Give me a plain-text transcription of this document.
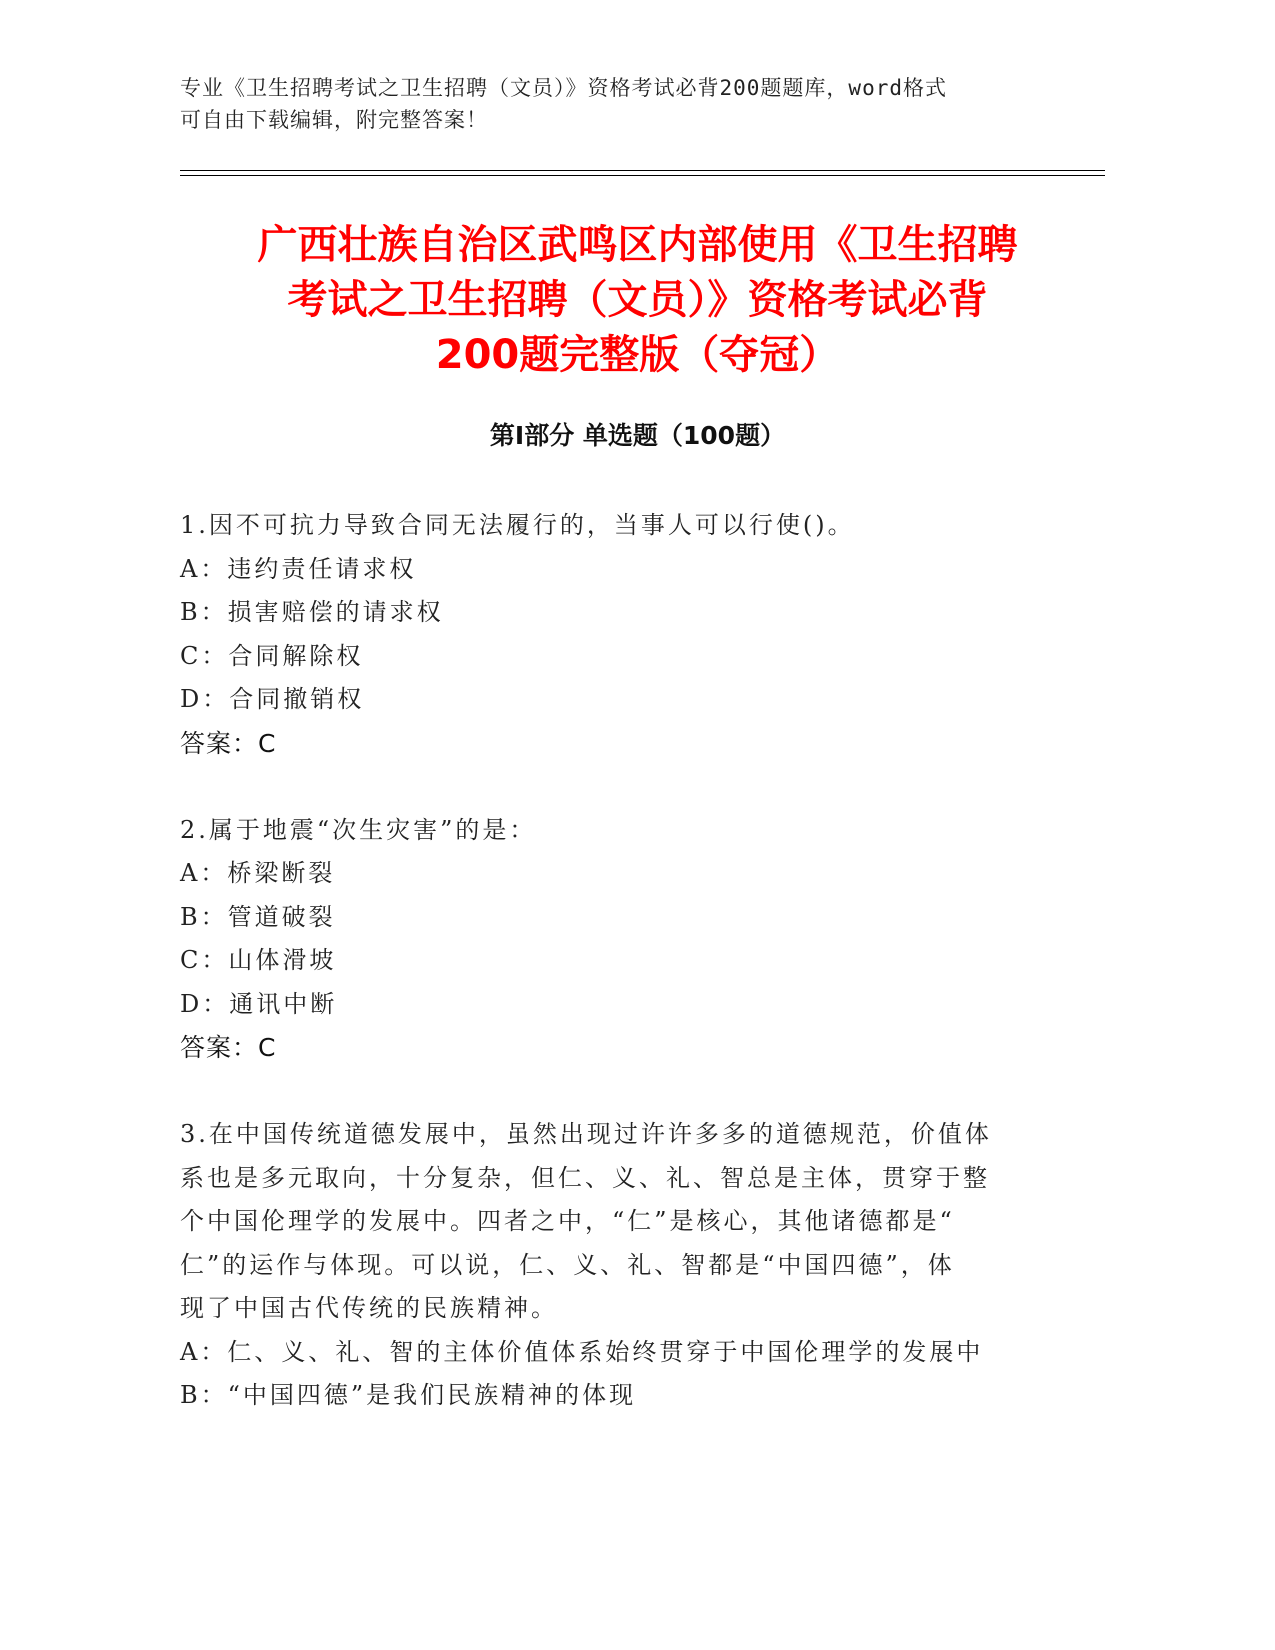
专业《卫生招聘考试之卫生招聘（文员）》资格考试必背200题题库，word格式
可自由下载编辑，附完整答案！
广西壮族自治区武鸣区内部使用《卫生招聘
考试之卫生招聘（文员）》资格考试必背
200题完整版（夺冠）
第I部分 单选题（100题）
1.因不可抗力导致合同无法履行的，当事人可以行使()。
A：违约责任请求权
B：损害赔偿的请求权
C：合同解除权
D：合同撤销权
答案：C
2.属于地震“次生灾害”的是：
A：桥梁断裂
B：管道破裂
C：山体滑坡
D：通讯中断
答案：C
3.在中国传统道德发展中，虽然出现过许许多多的道德规范，价值体
系也是多元取向，十分复杂，但仁、义、礼、智总是主体，贯穿于整
个中国伦理学的发展中。四者之中，“仁”是核心，其他诸德都是“
仁”的运作与体现。可以说，仁、义、礼、智都是“中国四德”，体
现了中国古代传统的民族精神。
A：仁、义、礼、智的主体价值体系始终贯穿于中国伦理学的发展中
B：“中国四德”是我们民族精神的体现
